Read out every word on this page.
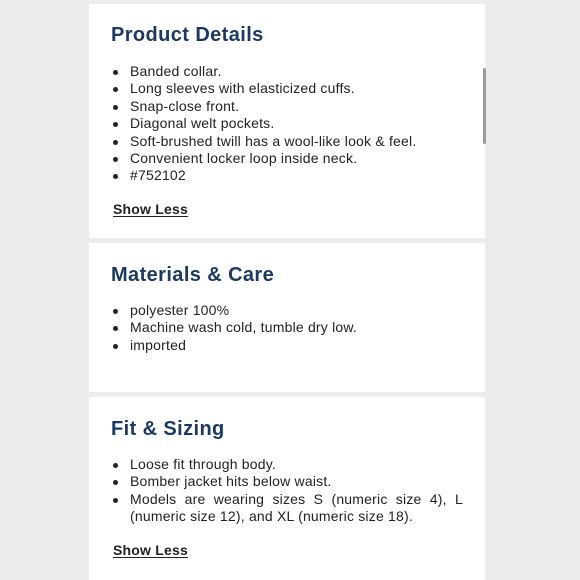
Product Details
Banded collar.
Long sleeves with elasticized cuffs.
Snap-close front.
Diagonal welt pockets.
Soft-brushed twill has a wool-like look & feel.
Convenient locker loop inside neck.
#752102
Show Less
Materials & Care
polyester 100%
Machine wash cold, tumble dry low.
imported
Fit & Sizing
Loose fit through body.
Bomber jacket hits below waist.
Models are wearing sizes S (numeric size 4), L (numeric size 12), and XL (numeric size 18).
Show Less
